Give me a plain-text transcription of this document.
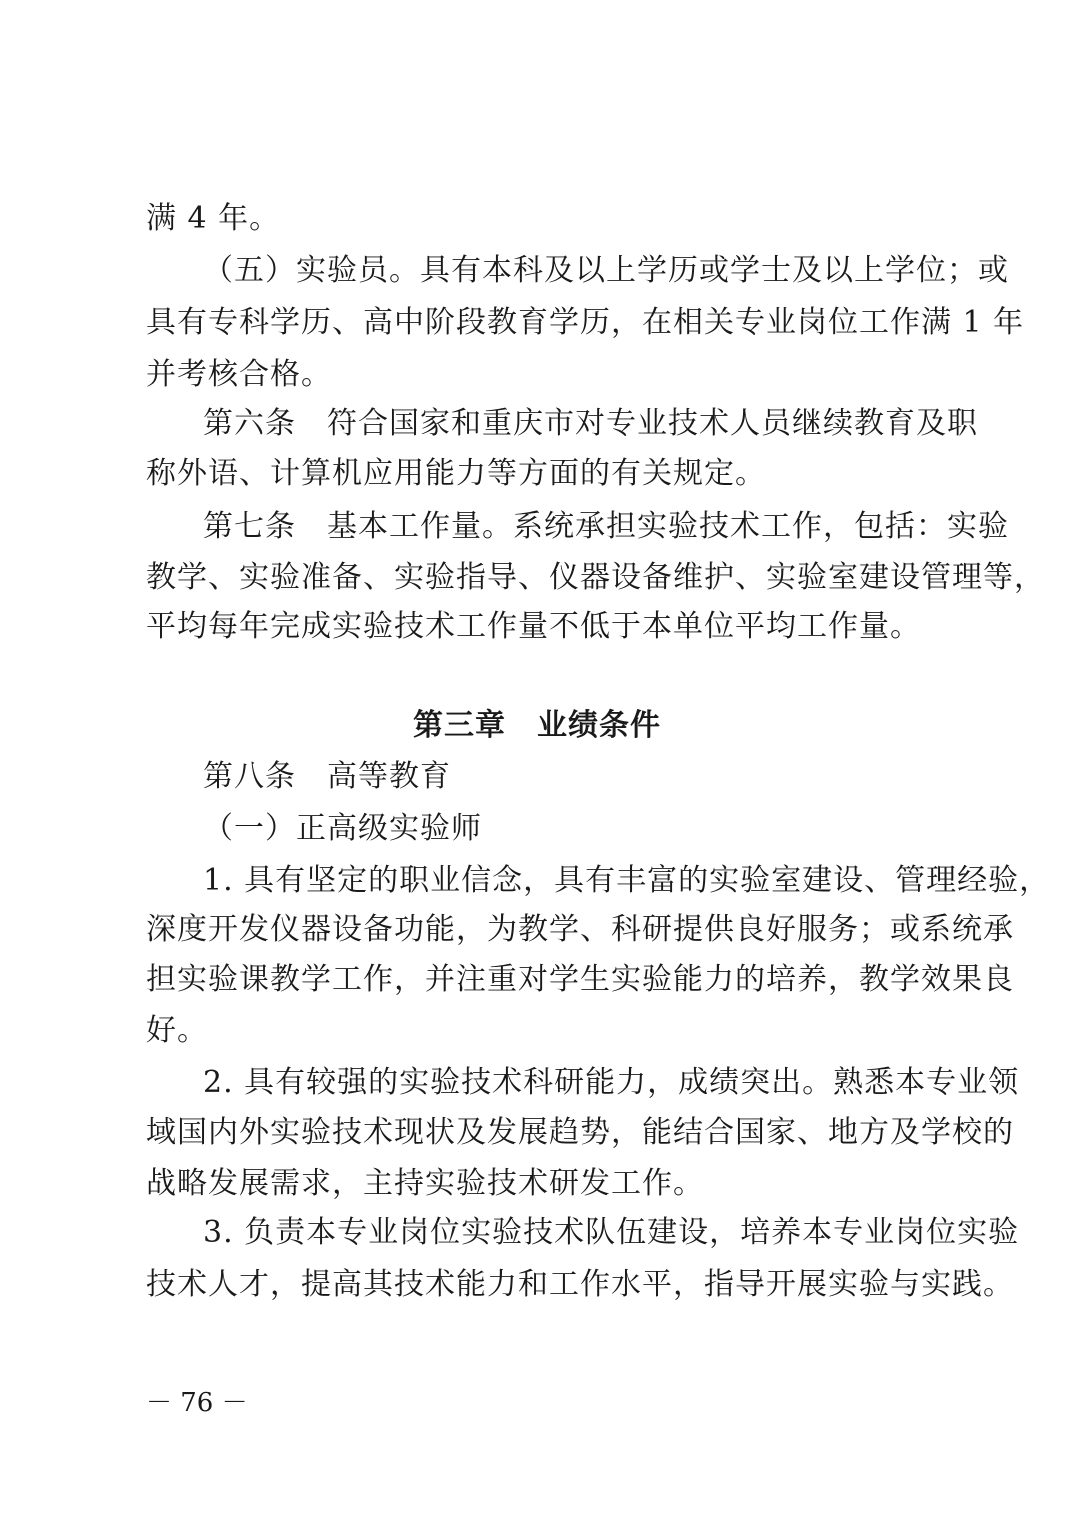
满 4 年。

（五）实验员。具有本科及以上学历或学士及以上学位；或

具有专科学历、高中阶段教育学历，在相关专业岗位工作满 1 年

并考核合格。

第六条　符合国家和重庆市对专业技术人员继续教育及职

称外语、计算机应用能力等方面的有关规定。

第七条　基本工作量。系统承担实验技术工作，包括：实验

教学、实验准备、实验指导、仪器设备维护、实验室建设管理等，

平均每年完成实验技术工作量不低于本单位平均工作量。

第三章　业绩条件

第八条　高等教育

（一）正高级实验师

1. 具有坚定的职业信念，具有丰富的实验室建设、管理经验，

深度开发仪器设备功能，为教学、科研提供良好服务；或系统承

担实验课教学工作，并注重对学生实验能力的培养，教学效果良

好。

2. 具有较强的实验技术科研能力，成绩突出。熟悉本专业领

域国内外实验技术现状及发展趋势，能结合国家、地方及学校的

战略发展需求，主持实验技术研发工作。

3. 负责本专业岗位实验技术队伍建设，培养本专业岗位实验

技术人才，提高其技术能力和工作水平，指导开展实验与实践。

－ 76 －
